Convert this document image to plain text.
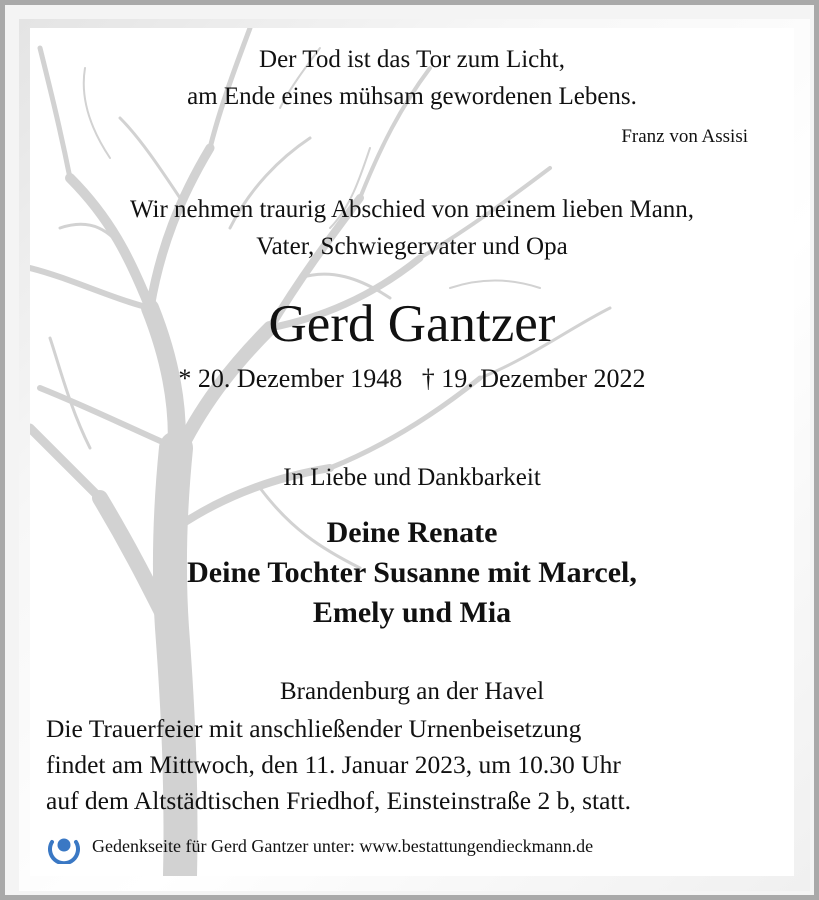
Der Tod ist das Tor zum Licht,
am Ende eines mühsam gewordenen Lebens.
Franz von Assisi
Wir nehmen traurig Abschied von meinem lieben Mann,
Vater, Schwiegervater und Opa
Gerd Gantzer
* 20. Dezember 1948   † 19. Dezember 2022
In Liebe und Dankbarkeit
Deine Renate
Deine Tochter Susanne mit Marcel,
Emely und Mia
Brandenburg an der Havel
Die Trauerfeier mit anschließender Urnenbeisetzung
findet am Mittwoch, den 11. Januar 2023, um 10.30 Uhr
auf dem Altstädtischen Friedhof, Einsteinstraße 2 b, statt.
Gedenkseite für Gerd Gantzer unter: www.bestattungendieckmann.de
